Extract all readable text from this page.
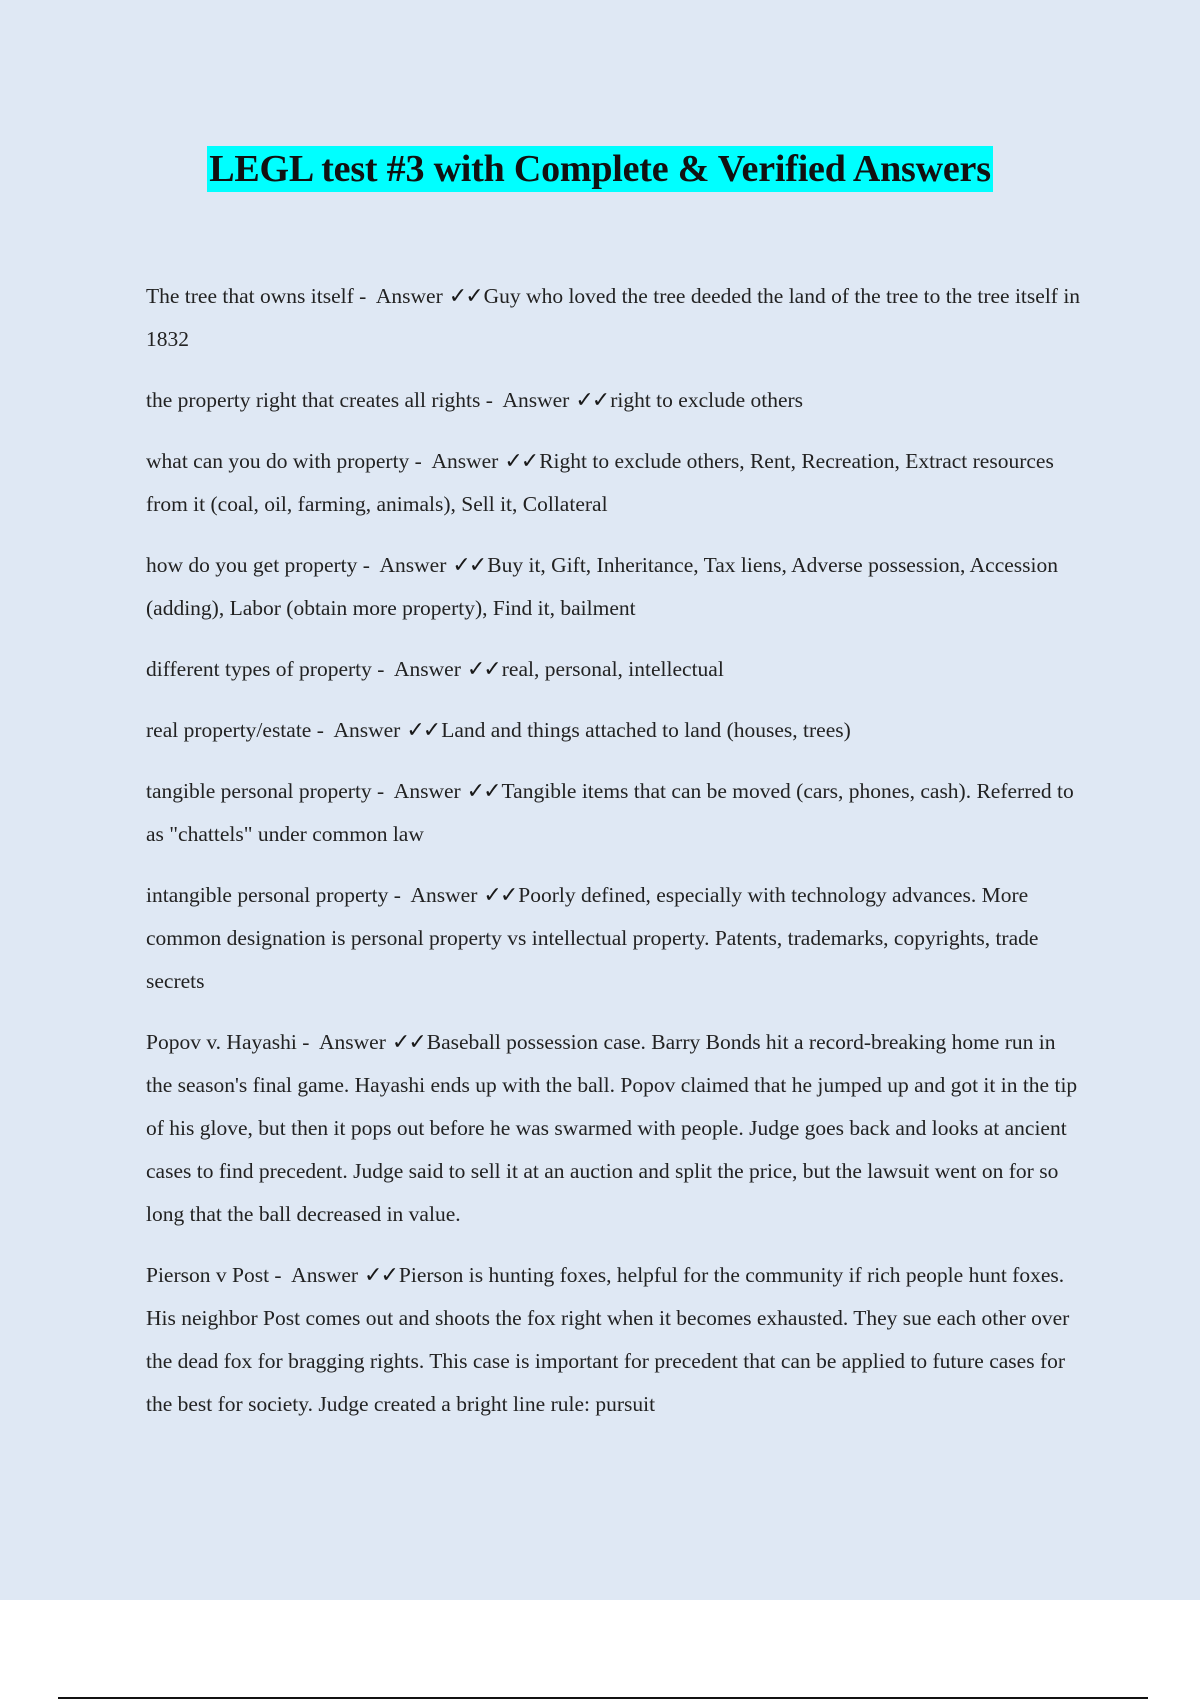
LEGL test #3 with Complete & Verified Answers

The tree that owns itself - Answer ✓✓Guy who loved the tree deeded the land of the tree to the tree itself in 1832

the property right that creates all rights - Answer ✓✓right to exclude others

what can you do with property - Answer ✓✓Right to exclude others, Rent, Recreation, Extract resources from it (coal, oil, farming, animals), Sell it, Collateral

how do you get property - Answer ✓✓Buy it, Gift, Inheritance, Tax liens, Adverse possession, Accession (adding), Labor (obtain more property), Find it, bailment

different types of property - Answer ✓✓real, personal, intellectual

real property/estate - Answer ✓✓Land and things attached to land (houses, trees)

tangible personal property - Answer ✓✓Tangible items that can be moved (cars, phones, cash). Referred to as "chattels" under common law

intangible personal property - Answer ✓✓Poorly defined, especially with technology advances. More common designation is personal property vs intellectual property. Patents, trademarks, copyrights, trade secrets

Popov v. Hayashi - Answer ✓✓Baseball possession case. Barry Bonds hit a record-breaking home run in the season's final game. Hayashi ends up with the ball. Popov claimed that he jumped up and got it in the tip of his glove, but then it pops out before he was swarmed with people. Judge goes back and looks at ancient cases to find precedent. Judge said to sell it at an auction and split the price, but the lawsuit went on for so long that the ball decreased in value.

Pierson v Post - Answer ✓✓Pierson is hunting foxes, helpful for the community if rich people hunt foxes. His neighbor Post comes out and shoots the fox right when it becomes exhausted. They sue each other over the dead fox for bragging rights. This case is important for precedent that can be applied to future cases for the best for society. Judge created a bright line rule: pursuit
